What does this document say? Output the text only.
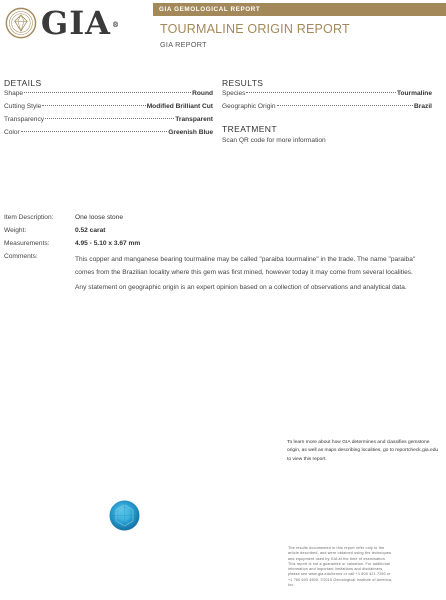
GIA®
GIA GEMOLOGICAL REPORT
TOURMALINE ORIGIN REPORT
GIA REPORT
DETAILS
Shape	Round
Cutting Style	Modified Brilliant Cut
Transparency	Transparent
Color	Greenish Blue
RESULTS
Species	Tourmaline
Geographic Origin	Brazil
TREATMENT
Scan QR code for more information
Item Description:	One loose stone
Weight:	0.52 carat
Measurements:	4.95 - 5.10 x 3.67 mm
Comments:	This copper and manganese bearing tourmaline may be called "paraiba tourmaline" in the trade. The name "paraiba" comes from the Brazilian locality where this gem was first mined, however today it may come from several localities.

Any statement on geographic origin is an expert opinion based on a collection of observations and analytical data.

To learn more about how GIA determines and classifies gemstone origin, as well as maps describing localities, go to reportcheck.gia.edu to view this report.
The results documented in this report refer only to the article described, and were obtained using the techniques and equipment used by GIA at the time of examination. This report is not a guarantee or valuation. For additional information and important limitations and disclaimers, please see www.gia.edu/terms or call +1 800 421 7250 or +1 760 603 4500. ©2015 Gemological Institute of America, Inc.
